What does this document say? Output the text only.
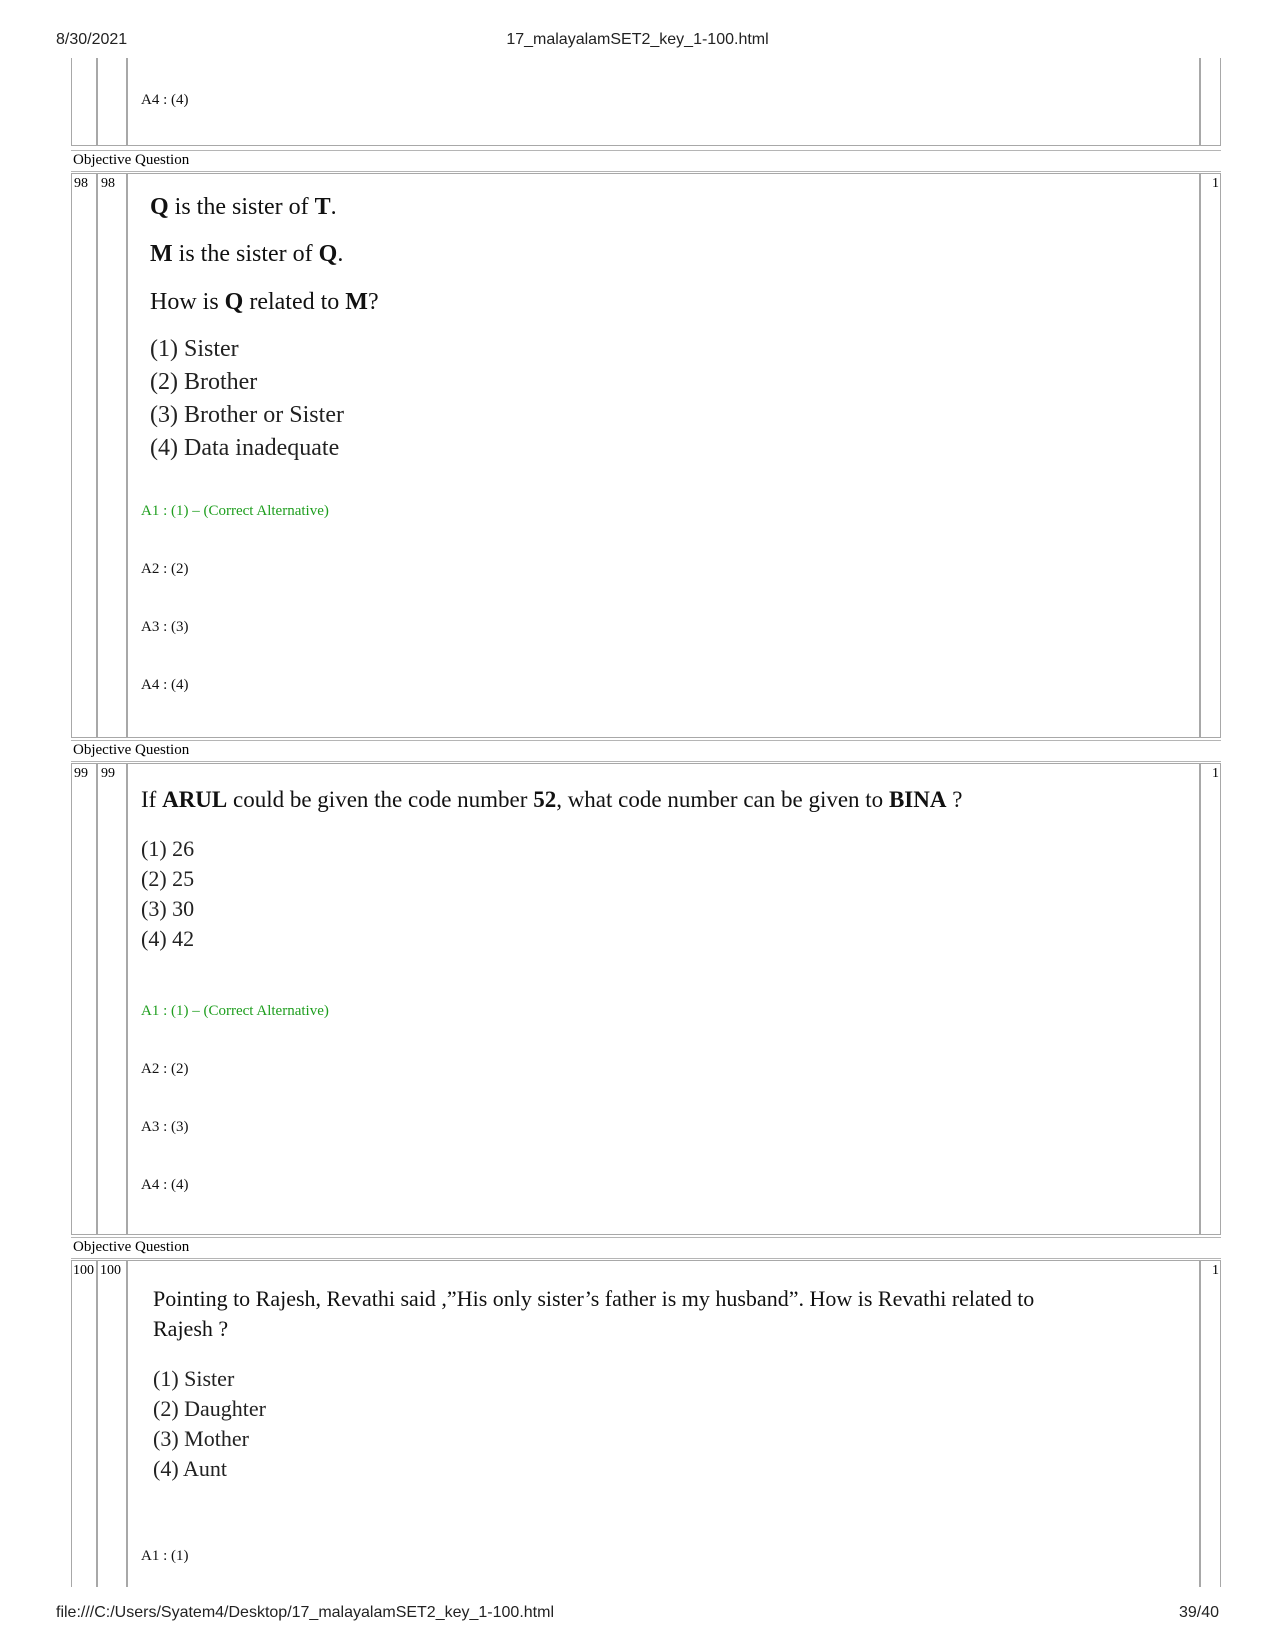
8/30/2021	17_malayalamSET2_key_1-100.html
A4 : (4)
Objective Question
98 98	1
Q is the sister of T.
M is the sister of Q.
How is Q related to M?
(1) Sister
(2) Brother
(3) Brother or Sister
(4) Data inadequate
A1 : (1) – (Correct Alternative)
A2 : (2)
A3 : (3)
A4 : (4)
Objective Question
99 99	1
If ARUL could be given the code number 52, what code number can be given to BINA ?
(1) 26
(2) 25
(3) 30
(4) 42
A1 : (1) – (Correct Alternative)
A2 : (2)
A3 : (3)
A4 : (4)
Objective Question
100 100	1
Pointing to Rajesh, Revathi said ,”His only sister’s father is my husband”. How is Revathi related to
Rajesh ?
(1) Sister
(2) Daughter
(3) Mother
(4) Aunt
A1 : (1)
file:///C:/Users/Syatem4/Desktop/17_malayalamSET2_key_1-100.html	39/40
